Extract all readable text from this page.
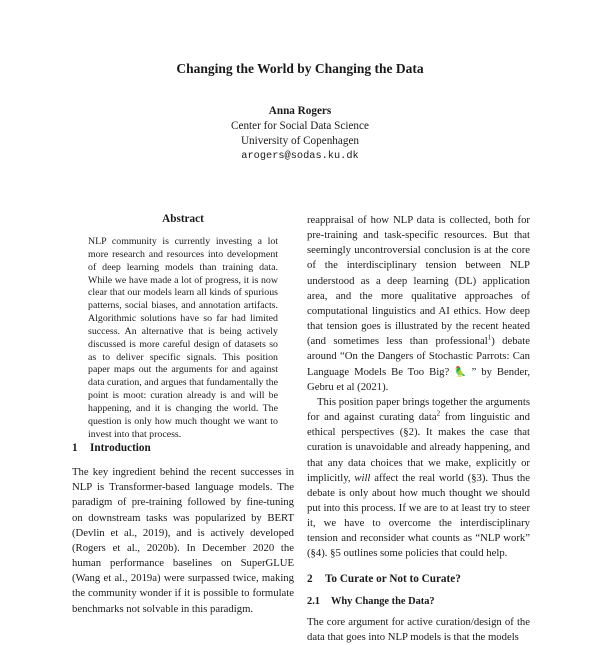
Changing the World by Changing the Data
Anna Rogers
Center for Social Data Science
University of Copenhagen
arogers@sodas.ku.dk
Abstract

NLP community is currently investing a lot more research and resources into development of deep learning models than training data. While we have made a lot of progress, it is now clear that our models learn all kinds of spurious patterns, social biases, and annotation artifacts. Algorithmic solutions have so far had limited success. An alternative that is being actively discussed is more careful design of datasets so as to deliver specific signals. This position paper maps out the arguments for and against data curation, and argues that fundamentally the point is moot: curation already is and will be happening, and it is changing the world. The question is only how much thought we want to invest into that process.

1 Introduction

The key ingredient behind the recent successes in NLP is Transformer-based language models. The paradigm of pre-training followed by fine-tuning on downstream tasks was popularized by BERT (Devlin et al., 2019), and is actively developed (Rogers et al., 2020b). In December 2020 the human performance baselines on SuperGLUE (Wang et al., 2019a) were surpassed twice, making the community wonder if it is possible to formulate benchmarks not solvable in this paradigm.

reappraisal of how NLP data is collected, both for pre-training and task-specific resources. But that seemingly uncontroversial conclusion is at the core of the interdisciplinary tension between NLP understood as a deep learning (DL) application area, and the more qualitative approaches of computational linguistics and AI ethics. How deep that tension goes is illustrated by the recent heated (and sometimes less than professional$^1$) debate around “On the Dangers of Stochastic Parrots: Can Language Models Be Too Big? 🦜 ” by Bender, Gebru et al (2021).

This position paper brings together the arguments for and against curating data$^2$ from linguistic and ethical perspectives (§2). It makes the case that curation is unavoidable and already happening, and that any data choices that we make, explicitly or implicitly, will affect the real world (§3). Thus the debate is only about how much thought we should put into this process. If we are to at least try to steer it, we have to overcome the interdisciplinary tension and reconsider what counts as “NLP work” (§4). §5 outlines some policies that could help.

2 To Curate or Not to Curate?
2.1 Why Change the Data?

The core argument for active curation/design of the data that goes into NLP models is that the models
